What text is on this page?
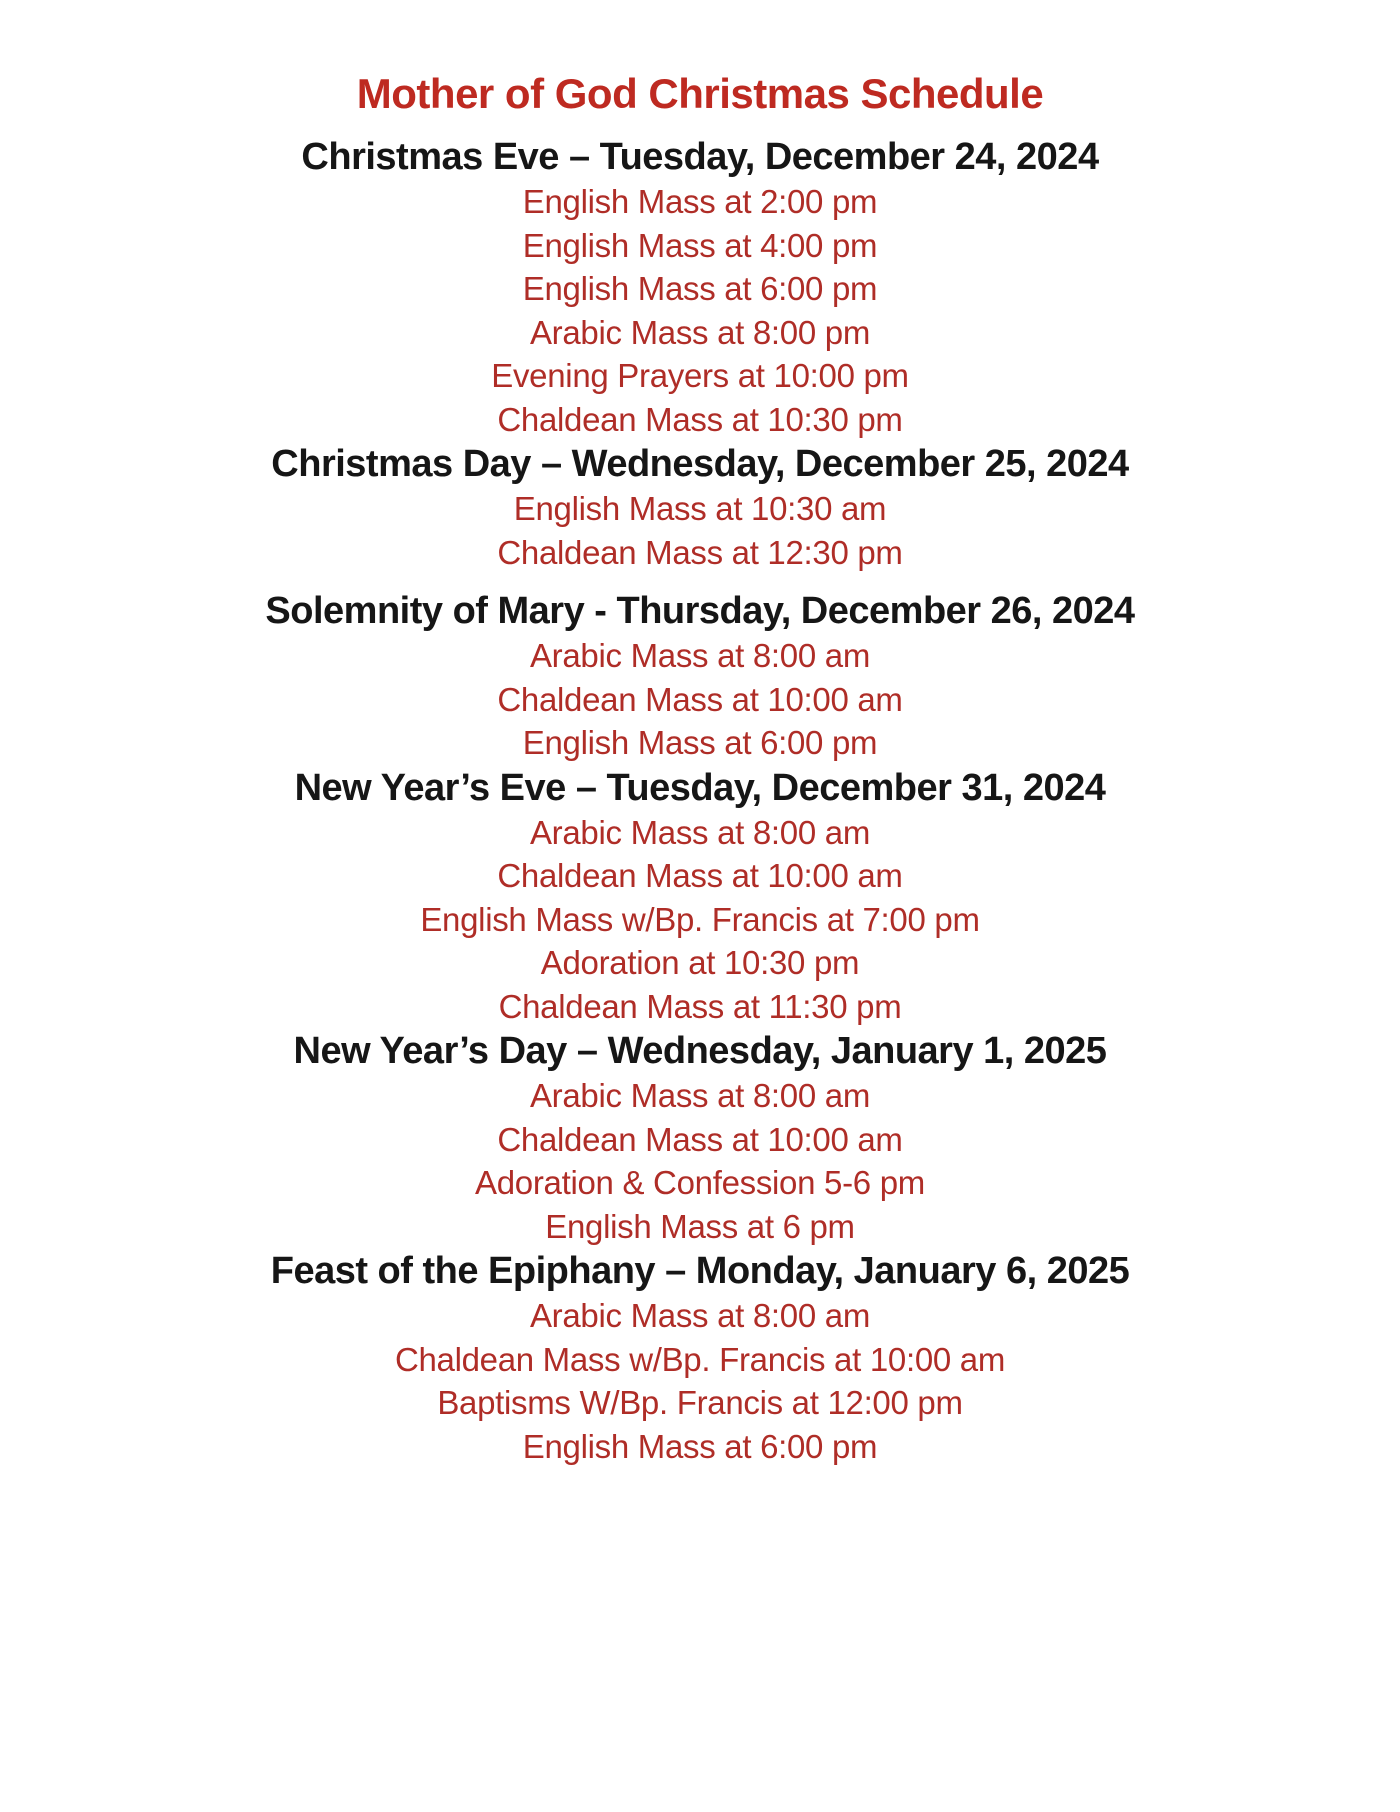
Mother of God Christmas Schedule
Christmas Eve – Tuesday, December 24, 2024

English Mass at 2:00 pm

English Mass at 4:00 pm

English Mass at 6:00 pm

Arabic Mass at 8:00 pm

Evening Prayers at 10:00 pm

Chaldean Mass at 10:30 pm

Christmas Day – Wednesday, December 25, 2024

English Mass at 10:30 am

Chaldean Mass at 12:30 pm

Solemnity of Mary - Thursday, December 26, 2024

Arabic Mass at 8:00 am

Chaldean Mass at 10:00 am

English Mass at 6:00 pm

New Year’s Eve – Tuesday, December 31, 2024

Arabic Mass at 8:00 am

Chaldean Mass at 10:00 am

English Mass w/Bp. Francis at 7:00 pm

Adoration at 10:30 pm

Chaldean Mass at 11:30 pm

New Year’s Day – Wednesday, January 1, 2025

Arabic Mass at 8:00 am

Chaldean Mass at 10:00 am

Adoration & Confession 5-6 pm

English Mass at 6 pm

Feast of the Epiphany – Monday, January 6, 2025

Arabic Mass at 8:00 am

Chaldean Mass w/Bp. Francis at 10:00 am

Baptisms W/Bp. Francis at 12:00 pm

English Mass at 6:00 pm
